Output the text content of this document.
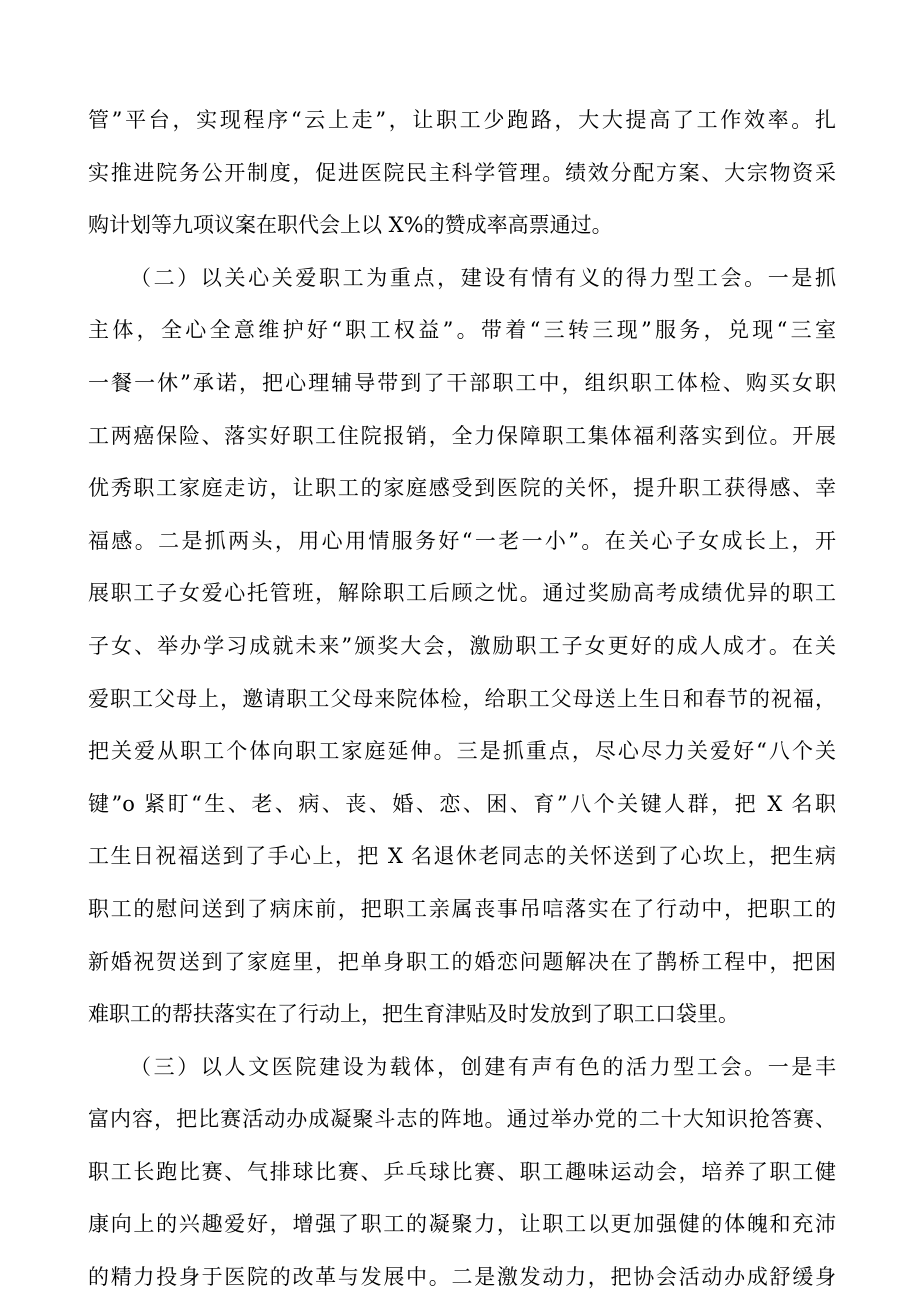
管”平台，实现程序“云上走”，让职工少跑路，大大提高了工作效率。扎
实推进院务公开制度，促进医院民主科学管理。绩效分配方案、大宗物资采
购计划等九项议案在职代会上以 X%的赞成率高票通过。
（二）以关心关爱职工为重点，建设有情有义的得力型工会。一是抓
主体，全心全意维护好“职工权益”。带着“三转三现”服务，兑现“三室
一餐一休”承诺，把心理辅导带到了干部职工中，组织职工体检、购买女职
工两癌保险、落实好职工住院报销，全力保障职工集体福利落实到位。开展
优秀职工家庭走访，让职工的家庭感受到医院的关怀，提升职工获得感、幸
福感。二是抓两头，用心用情服务好“一老一小”。在关心子女成长上，开
展职工子女爱心托管班，解除职工后顾之忧。通过奖励高考成绩优异的职工
子女、举办学习成就未来”颁奖大会，激励职工子女更好的成人成才。在关
爱职工父母上，邀请职工父母来院体检，给职工父母送上生日和春节的祝福，
把关爱从职工个体向职工家庭延伸。三是抓重点，尽心尽力关爱好“八个关
键”o 紧盯“生、老、病、丧、婚、恋、困、育”八个关键人群，把 X 名职
工生日祝福送到了手心上，把 X 名退休老同志的关怀送到了心坎上，把生病
职工的慰问送到了病床前，把职工亲属丧事吊唁落实在了行动中，把职工的
新婚祝贺送到了家庭里，把单身职工的婚恋问题解决在了鹊桥工程中，把困
难职工的帮扶落实在了行动上，把生育津贴及时发放到了职工口袋里。
（三）以人文医院建设为载体，创建有声有色的活力型工会。一是丰
富内容，把比赛活动办成凝聚斗志的阵地。通过举办党的二十大知识抢答赛、
职工长跑比赛、气排球比赛、乒乓球比赛、职工趣味运动会，培养了职工健
康向上的兴趣爱好，增强了职工的凝聚力，让职工以更加强健的体魄和充沛
的精力投身于医院的改革与发展中。二是激发动力，把协会活动办成舒缓身
